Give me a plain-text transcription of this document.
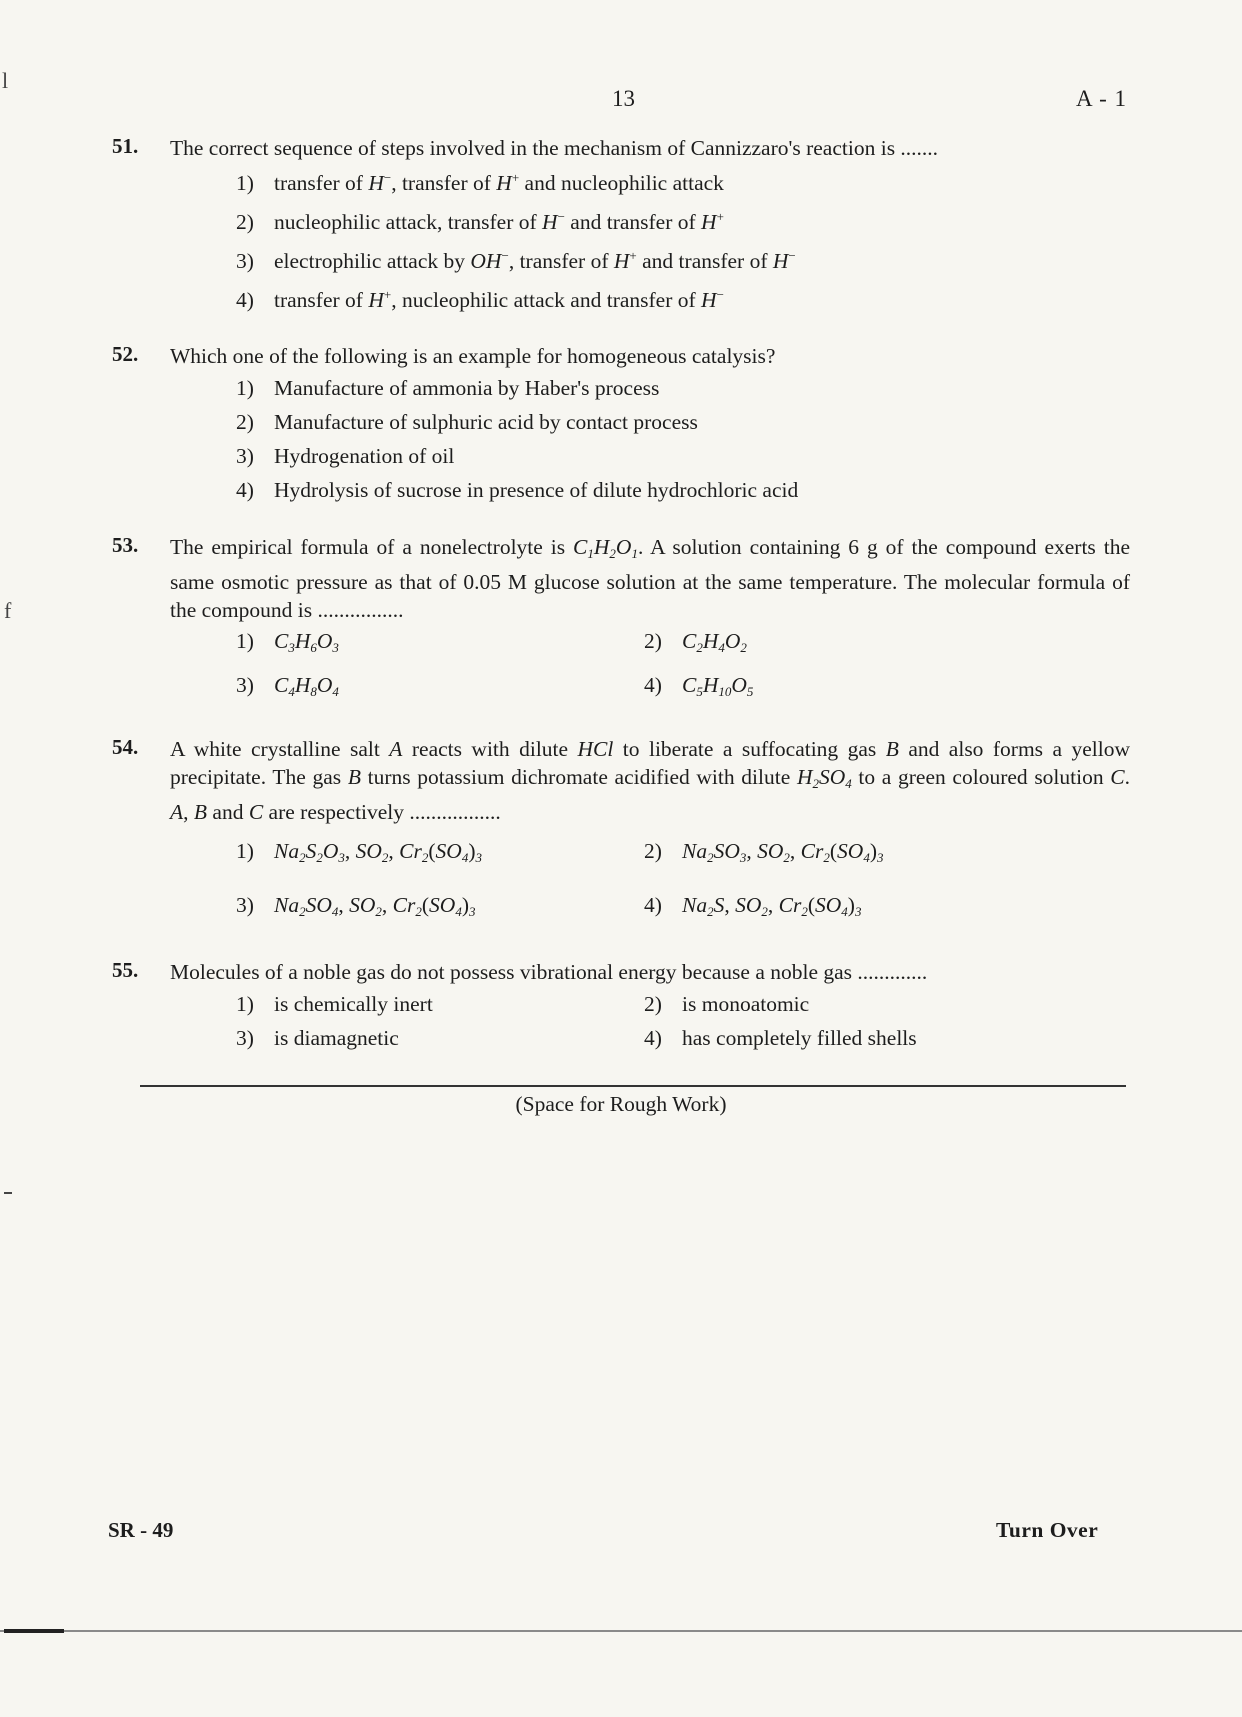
l
f
13	A - 1
51. The correct sequence of steps involved in the mechanism of Cannizzaro's reaction is .......
1) transfer of H−, transfer of H+ and nucleophilic attack
2) nucleophilic attack, transfer of H− and transfer of H+
3) electrophilic attack by OH−, transfer of H+ and transfer of H−
4) transfer of H+, nucleophilic attack and transfer of H−
52. Which one of the following is an example for homogeneous catalysis?
1) Manufacture of ammonia by Haber's process
2) Manufacture of sulphuric acid by contact process
3) Hydrogenation of oil
4) Hydrolysis of sucrose in presence of dilute hydrochloric acid
53. The empirical formula of a nonelectrolyte is $C_1H_2O_1$. A solution containing 6 g of the compound exerts the same osmotic pressure as that of 0.05 M glucose solution at the same temperature. The molecular formula of the compound is ................
1) $C_3H_6O_3$	2) $C_2H_4O_2$
3) $C_4H_8O_4$	4) $C_5H_{10}O_5$
54. A white crystalline salt A reacts with dilute HCl to liberate a suffocating gas B and also forms a yellow precipitate. The gas B turns potassium dichromate acidified with dilute $H_2SO_4$ to a green coloured solution C. A, B and C are respectively .................
1) $Na_2S_2O_3$, $SO_2$, $Cr_2(SO_4)_3$	2) $Na_2SO_3$, $SO_2$, $Cr_2(SO_4)_3$
3) $Na_2SO_4$, $SO_2$, $Cr_2(SO_4)_3$	4) $Na_2S$, $SO_2$, $Cr_2(SO_4)_3$
55. Molecules of a noble gas do not possess vibrational energy because a noble gas .............
1) is chemically inert	2) is monoatomic
3) is diamagnetic	4) has completely filled shells
(Space for Rough Work)
SR - 49	Turn Over
